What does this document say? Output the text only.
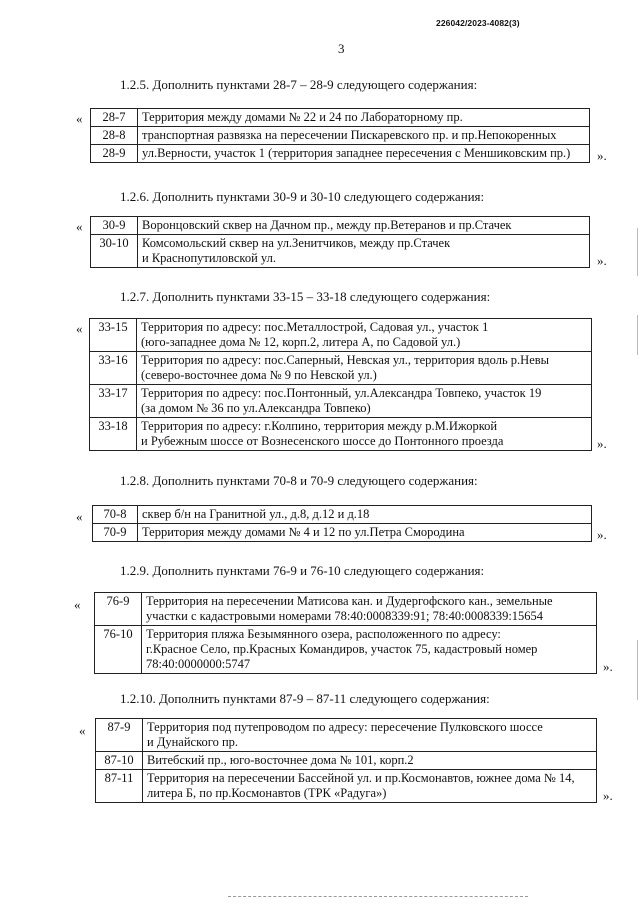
226042/2023-4082(3)
3
1.2.5. Дополнить пунктами 28-7 – 28-9 следующего содержания:
« 28-7	Территория между домами № 22 и 24 по Лабораторному пр.
28-8	транспортная развязка на пересечении Пискаревского пр. и пр.Непокоренных
28-9	ул.Верности, участок 1 (территория западнее пересечения с Меншиковским пр.) ».
1.2.6. Дополнить пунктами 30-9 и 30-10 следующего содержания:
« 30-9	Воронцовский сквер на Дачном пр., между пр.Ветеранов и пр.Стачек
30-10	Комсомольский сквер на ул.Зенитчиков, между пр.Стачек
и Краснопутиловской ул.	».
1.2.7. Дополнить пунктами 33-15 – 33-18 следующего содержания:
« 33-15	Территория по адресу: пос.Металлострой, Садовая ул., участок 1
(юго-западнее дома № 12, корп.2, литера А, по Садовой ул.)
33-16	Территория по адресу: пос.Саперный, Невская ул., территория вдоль р.Невы
(северо-восточнее дома № 9 по Невской ул.)
33-17	Территория по адресу: пос.Понтонный, ул.Александра Товпеко, участок 19
(за домом № 36 по ул.Александра Товпеко)
33-18	Территория по адресу: г.Колпино, территория между р.М.Ижоркой
и Рубежным шоссе от Вознесенского шоссе до Понтонного проезда	».
1.2.8. Дополнить пунктами 70-8 и 70-9 следующего содержания:
« 70-8	сквер б/н на Гранитной ул., д.8, д.12 и д.18
70-9	Территория между домами № 4 и 12 по ул.Петра Смородина	».
1.2.9. Дополнить пунктами 76-9 и 76-10 следующего содержания:
« 76-9	Территория на пересечении Матисова кан. и Дудергофского кан., земельные
участки с кадастровыми номерами 78:40:0008339:91; 78:40:0008339:15654
76-10	Территория пляжа Безымянного озера, расположенного по адресу:
г.Красное Село, пр.Красных Командиров, участок 75, кадастровый номер
78:40:0000000:5747	».
1.2.10. Дополнить пунктами 87-9 – 87-11 следующего содержания:
« 87-9	Территория под путепроводом по адресу: пересечение Пулковского шоссе
и Дунайского пр.
87-10	Витебский пр., юго-восточнее дома № 101, корп.2
87-11	Территория на пересечении Бассейной ул. и пр.Космонавтов, южнее дома № 14,
литера Б, по пр.Космонавтов (ТРК «Радуга»)	».
